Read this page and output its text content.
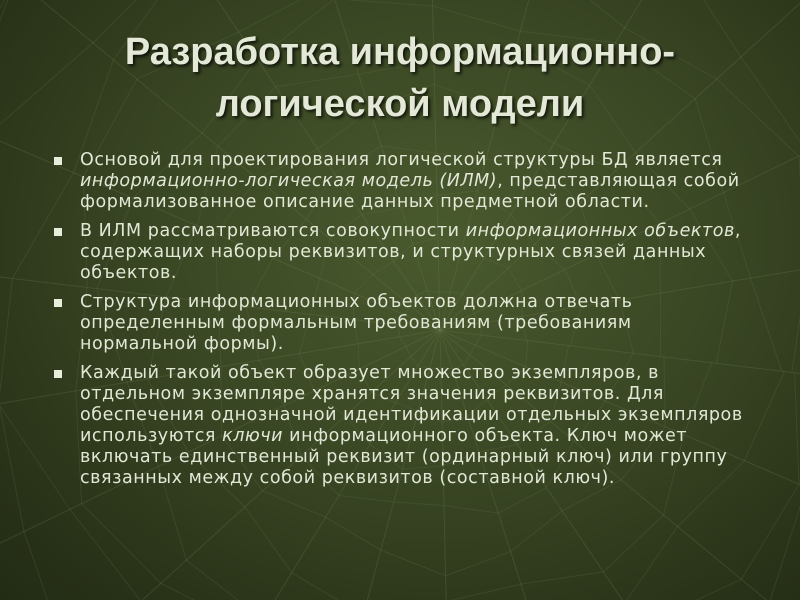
Разработка информационно-
логической модели
Основой для проектирования логической структуры БД является информационно-логическая модель (ИЛМ), представляющая собой формализованное описание данных предметной области.
В ИЛМ рассматриваются совокупности информационных объектов, содержащих наборы реквизитов, и структурных связей данных объектов.
Структура информационных объектов должна отвечать определенным формальным требованиям (требованиям нормальной формы).
Каждый такой объект образует множество экземпляров, в отдельном экземпляре хранятся значения реквизитов. Для обеспечения однозначной идентификации отдельных экземпляров используются ключи информационного объекта. Ключ может включать единственный реквизит (ординарный ключ) или группу связанных между собой реквизитов (составной ключ).
